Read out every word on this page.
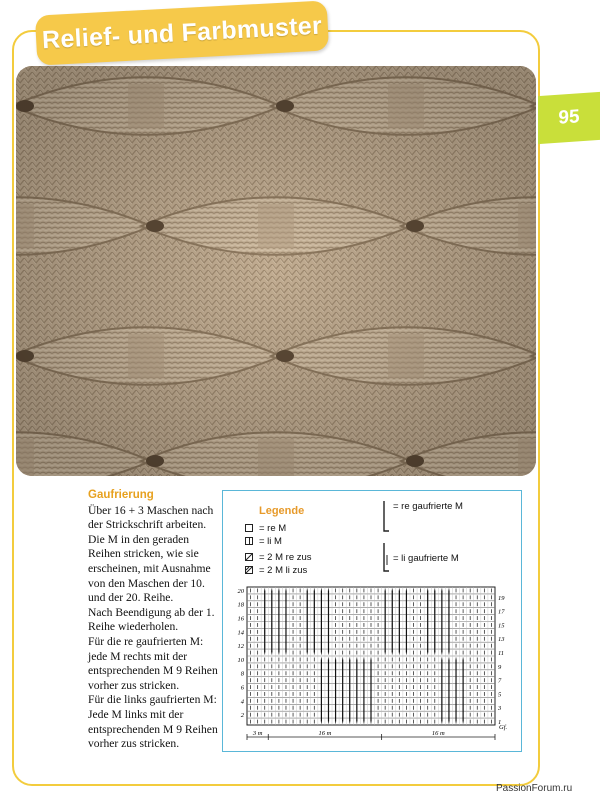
Relief- und Farbmuster
95
Gaufrierung
Über 16 + 3 Maschen nach der Strickschrift arbeiten.
Die M in den geraden Reihen stricken, wie sie erscheinen, mit Ausnahme von den Maschen der 10. und der 20. Reihe.
Nach Beendigung ab der 1. Reihe wiederholen.
Für die re gaufrierten M: jede M rechts mit der entsprechenden M 9 Reihen vorher zus stricken.
Für die links gaufrierten M: Jede M links mit der entsprechenden M 9 Reihen vorher zus stricken.
Legende
= re M
= li M
= 2 M re zus
= 2 M li zus
= re gaufrierte M
= li gaufrierte M
20
18
16
14
12
10
8
6
4
2
19
17
15
13
11
9
7
5
3
1
3 m	16 m	16 m
Gf.
PassionForum.ru
